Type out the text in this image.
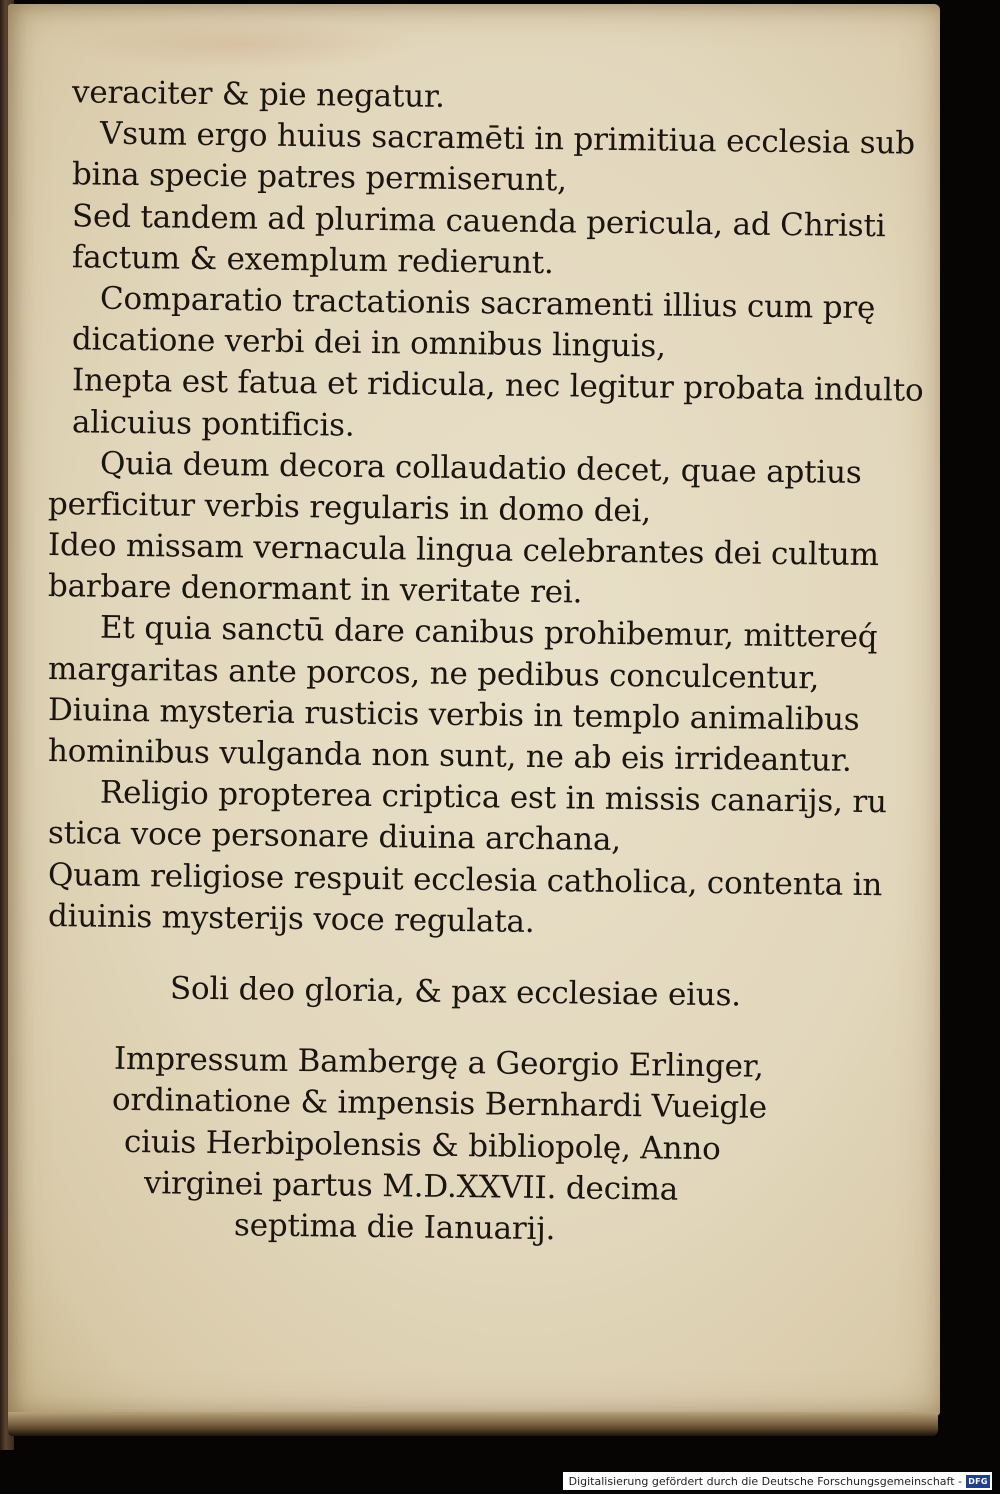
veraciter & pie negatur.
Vsum ergo huius sacramēti in primitiua ecclesia sub
bina specie patres permiserunt,
Sed tandem ad plurima cauenda pericula, ad Christi
factum & exemplum redierunt.
Comparatio tractationis sacramenti illius cum prę
dicatione verbi dei in omnibus linguis,
Inepta est fatua et ridicula, nec legitur probata indulto
alicuius pontificis.
Quia deum decora collaudatio decet, quae aptius
perficitur verbis regularis in domo dei,
Ideo missam vernacula lingua celebrantes dei cultum
barbare denormant in veritate rei.
Et quia sanctū dare canibus prohibemur, mittereq́
margaritas ante porcos, ne pedibus conculcentur,
Diuina mysteria rusticis verbis in templo animalibus
hominibus vulganda non sunt, ne ab eis irrideantur.
Religio propterea criptica est in missis canarijs, ru
stica voce personare diuina archana,
Quam religiose respuit ecclesia catholica, contenta in
diuinis mysterijs voce regulata.
Soli deo gloria, & pax ecclesiae eius.
Impressum Bambergę a Georgio Erlinger,
ordinatione & impensis Bernhardi Vueigle
ciuis Herbipolensis & bibliopolę, Anno
virginei partus M.D.XXVII. decima
septima die Ianuarij.
Digitalisierung gefördert durch die Deutsche Forschungsgemeinschaft - DFG
